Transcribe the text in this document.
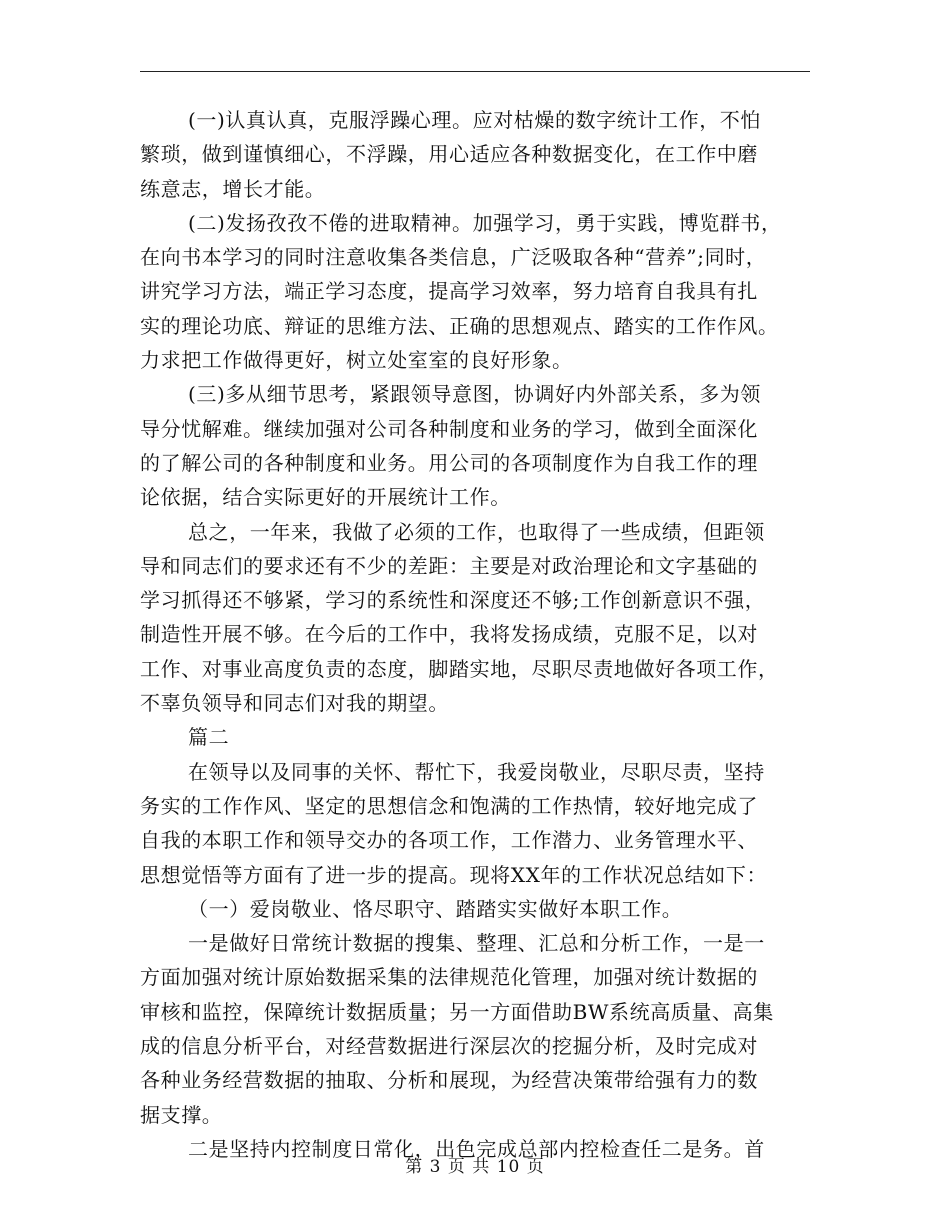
(一)认真认真，克服浮躁心理。应对枯燥的数字统计工作，不怕
繁琐，做到谨慎细心，不浮躁，用心适应各种数据变化，在工作中磨
练意志，增长才能。
(二)发扬孜孜不倦的进取精神。加强学习，勇于实践，博览群书，
在向书本学习的同时注意收集各类信息，广泛吸取各种“营养”;同时，
讲究学习方法，端正学习态度，提高学习效率，努力培育自我具有扎
实的理论功底、辩证的思维方法、正确的思想观点、踏实的工作作风。
力求把工作做得更好，树立处室室的良好形象。
(三)多从细节思考，紧跟领导意图，协调好内外部关系，多为领
导分忧解难。继续加强对公司各种制度和业务的学习，做到全面深化
的了解公司的各种制度和业务。用公司的各项制度作为自我工作的理
论依据，结合实际更好的开展统计工作。
总之，一年来，我做了必须的工作，也取得了一些成绩，但距领
导和同志们的要求还有不少的差距：主要是对政治理论和文字基础的
学习抓得还不够紧，学习的系统性和深度还不够;工作创新意识不强，
制造性开展不够。在今后的工作中，我将发扬成绩，克服不足，以对
工作、对事业高度负责的态度，脚踏实地，尽职尽责地做好各项工作，
不辜负领导和同志们对我的期望。
篇二
在领导以及同事的关怀、帮忙下，我爱岗敬业，尽职尽责，坚持
务实的工作作风、坚定的思想信念和饱满的工作热情，较好地完成了
自我的本职工作和领导交办的各项工作，工作潜力、业务管理水平、
思想觉悟等方面有了进一步的提高。现将XX年的工作状况总结如下：
（一）爱岗敬业、恪尽职守、踏踏实实做好本职工作。
一是做好日常统计数据的搜集、整理、汇总和分析工作，一是一
方面加强对统计原始数据采集的法律规范化管理，加强对统计数据的
审核和监控，保障统计数据质量；另一方面借助BW系统高质量、高集
成的信息分析平台，对经营数据进行深层次的挖掘分析，及时完成对
各种业务经营数据的抽取、分析和展现，为经营决策带给强有力的数
据支撑。
二是坚持内控制度日常化，出色完成总部内控检查任二是务。首
第 3 页 共 10 页
